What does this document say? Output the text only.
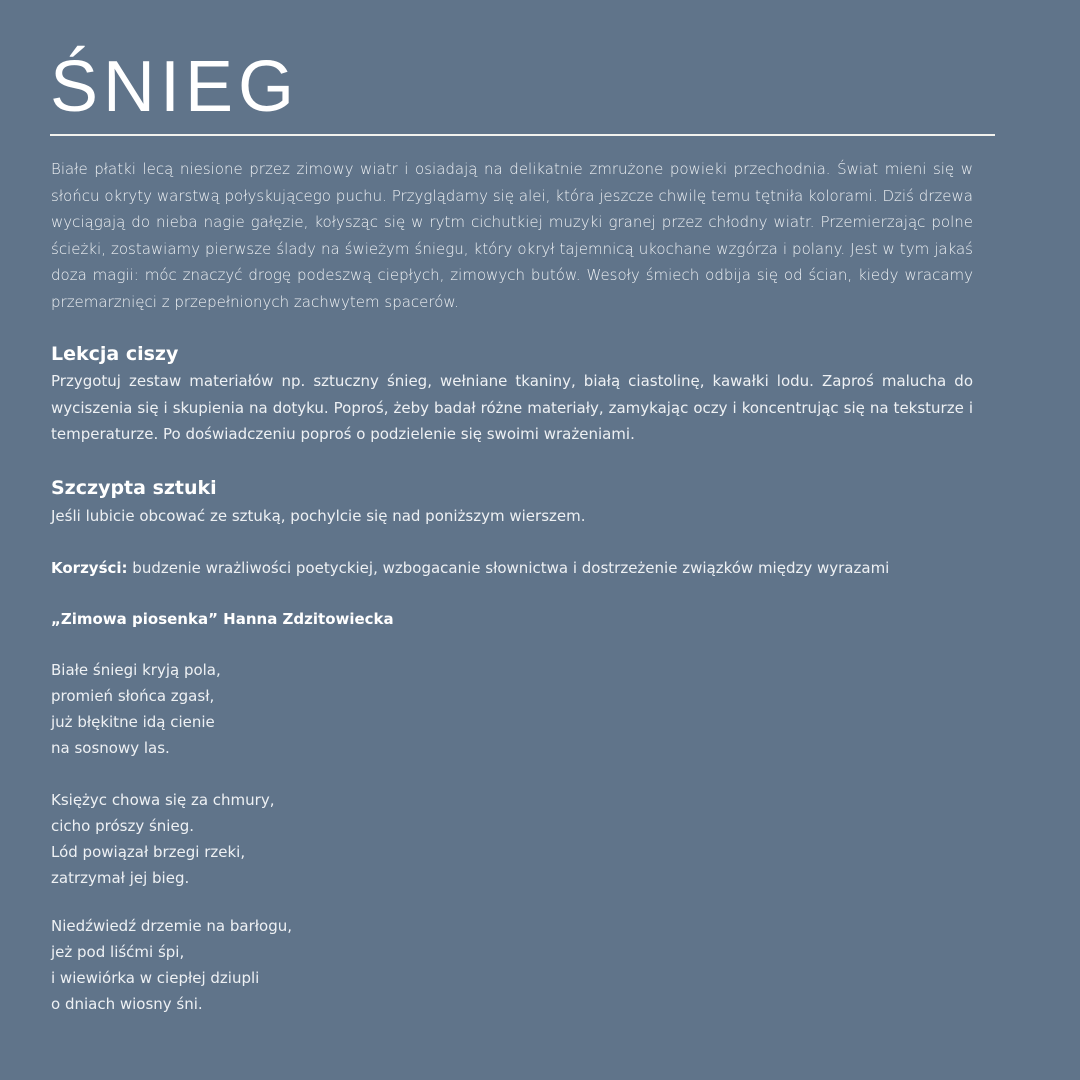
ŚNIEG

Białe płatki lecą niesione przez zimowy wiatr i osiadają na delikatnie zmrużone powieki przechodnia. Świat mieni się w słońcu okryty warstwą połyskującego puchu. Przyglądamy się alei, która jeszcze chwilę temu tętniła kolorami. Dziś drzewa wyciągają do nieba nagie gałęzie, kołysząc się w rytm cichutkiej muzyki granej przez chłodny wiatr. Przemierzając polne ścieżki, zostawiamy pierwsze ślady na świeżym śniegu, który okrył tajemnicą ukochane wzgórza i polany. Jest w tym jakaś doza magii: móc znaczyć drogę podeszwą ciepłych, zimowych butów. Wesoły śmiech odbija się od ścian, kiedy wracamy przemarznięci z przepełnionych zachwytem spacerów.

Lekcja ciszy

Przygotuj zestaw materiałów np. sztuczny śnieg, wełniane tkaniny, białą ciastolinę, kawałki lodu. Zaproś malucha do wyciszenia się i skupienia na dotyku. Poproś, żeby badał różne materiały, zamykając oczy i koncentrując się na teksturze i temperaturze. Po doświadczeniu poproś o podzielenie się swoimi wrażeniami.

Szczypta sztuki

Jeśli lubicie obcować ze sztuką, pochylcie się nad poniższym wierszem.

Korzyści: budzenie wrażliwości poetyckiej, wzbogacanie słownictwa i dostrzeżenie związków między wyrazami

„Zimowa piosenka” Hanna Zdzitowiecka

Białe śniegi kryją pola,
promień słońca zgasł,
już błękitne idą cienie
na sosnowy las.
Księżyc chowa się za chmury,
cicho prószy śnieg.
Lód powiązał brzegi rzeki,
zatrzymał jej bieg.
Niedźwiedź drzemie na barłogu,
jeż pod liśćmi śpi,
i wiewiórka w ciepłej dziupli
o dniach wiosny śni.
